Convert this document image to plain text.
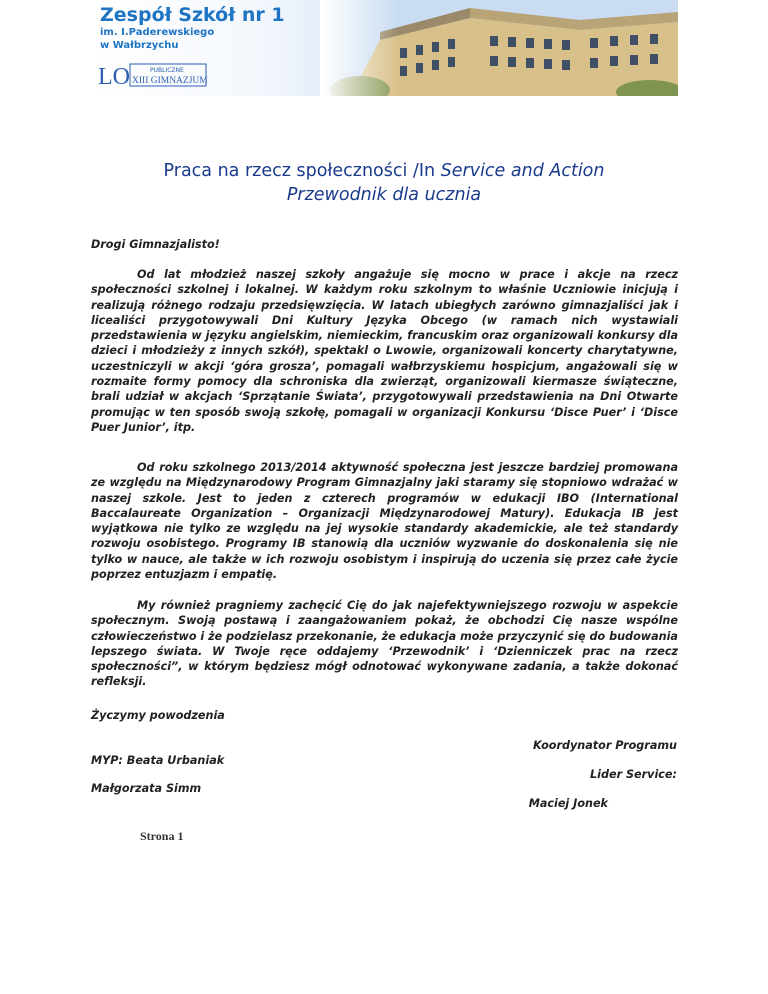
Zespół Szkół nr 1
im. I.Paderewskiego
w Wałbrzychu
LO	PUBLICZNE
XIII GIMNAZJUM
Praca na rzecz społeczności /In Service and Action
Przewodnik dla ucznia

Drogi Gimnazjalisto!

Od lat młodzież naszej szkoły angażuje się mocno w prace i akcje na rzecz społeczności szkolnej i lokalnej. W każdym roku szkolnym to właśnie Uczniowie inicjują i realizują różnego rodzaju przedsięwzięcia. W latach ubiegłych zarówno gimnazjaliści jak i licealiści przygotowywali Dni Kultury Języka Obcego (w ramach nich wystawiali przedstawienia w języku angielskim, niemieckim, francuskim oraz organizowali konkursy dla dzieci i młodzieży z innych szkół), spektakl o Lwowie, organizowali koncerty charytatywne, uczestniczyli w akcji ‘góra grosza’, pomagali wałbrzyskiemu hospicjum, angażowali się w rozmaite formy pomocy dla schroniska dla zwierząt, organizowali kiermasze świąteczne, brali udział w akcjach ‘Sprzątanie Świata’, przygotowywali przedstawienia na Dni Otwarte promując w ten sposób swoją szkołę, pomagali w organizacji Konkursu ‘Disce Puer’ i ‘Disce Puer Junior’, itp.

Od roku szkolnego 2013/2014 aktywność społeczna jest jeszcze bardziej promowana ze względu na Międzynarodowy Program Gimnazjalny jaki staramy się stopniowo wdrażać w naszej szkole. Jest to jeden z czterech programów w edukacji IBO (International Baccalaureate Organization – Organizacji Międzynarodowej Matury). Edukacja IB jest wyjątkowa nie tylko ze względu na jej wysokie standardy akademickie, ale też standardy rozwoju osobistego. Programy IB stanowią dla uczniów wyzwanie do doskonalenia się nie tylko w nauce, ale także w ich rozwoju osobistym i inspirują do uczenia się przez całe życie poprzez entuzjazm i empatię.

My również pragniemy zachęcić Cię do jak najefektywniejszego rozwoju w aspekcie społecznym. Swoją postawą i zaangażowaniem pokaż, że obchodzi Cię nasze wspólne człowieczeństwo i że podzielasz przekonanie, że edukacja może przyczynić się do budowania lepszego świata. W Twoje ręce oddajemy ‘Przewodnik’ i ‘Dzienniczek prac na rzecz społeczności”, w którym będziesz mógł odnotować wykonywane zadania, a także dokonać refleksji.

Życzymy powodzenia

Koordynator Programu

MYP: Beata Urbaniak

Lider Service:

Małgorzata Simm

Maciej Jonek

Strona 1
